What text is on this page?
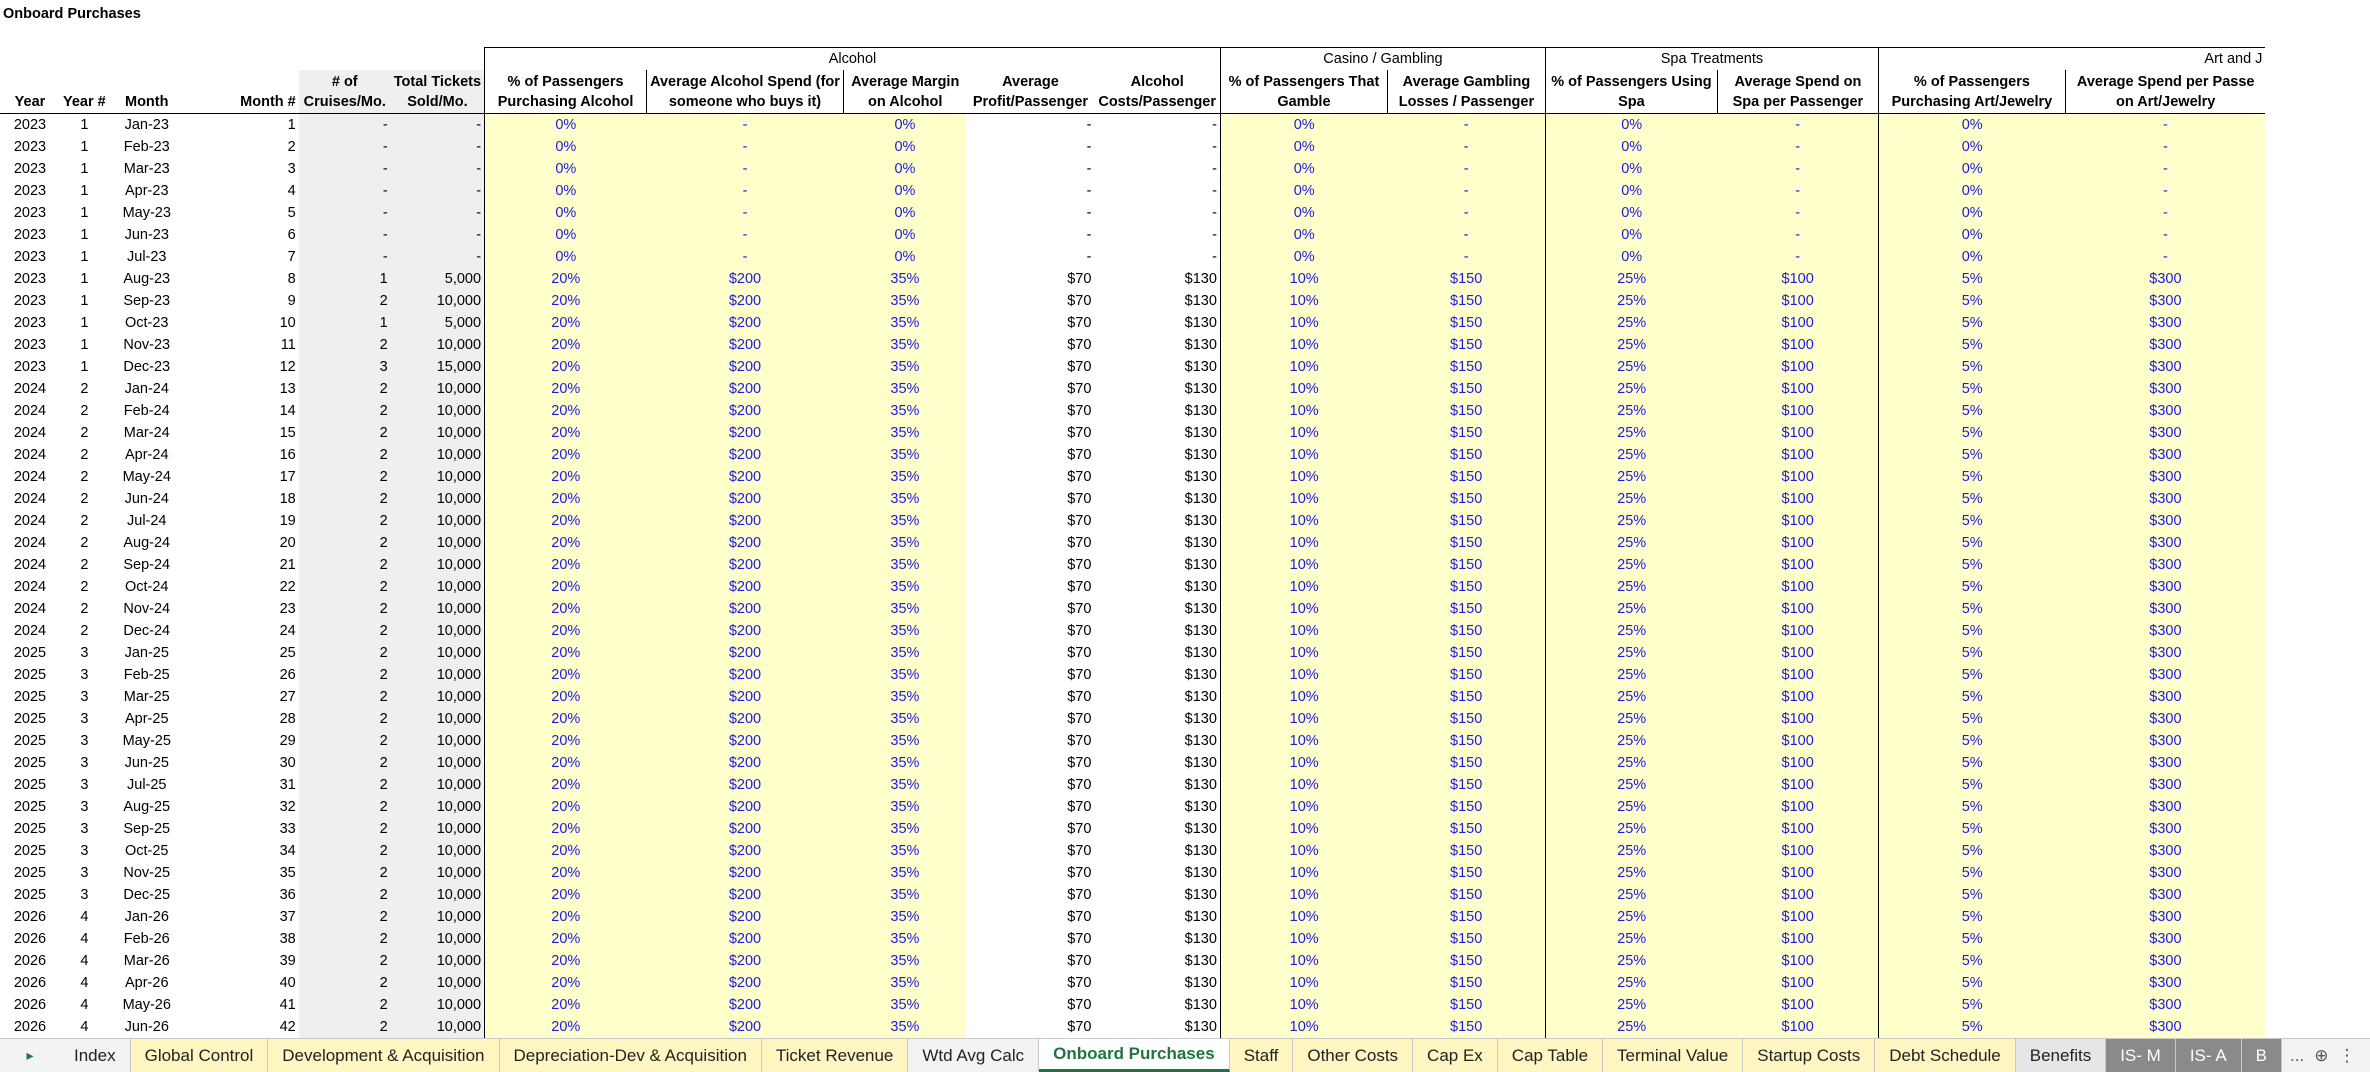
Onboard Purchases																

						Alcohol					Casino / Gambling		Spa Treatments		Art and J	
				# of	Total Tickets	% of Passengers	Average Alcohol Spend (for	Average Margin	Average	Alcohol	% of Passengers That	Average Gambling	% of Passengers Using	Average Spend on	% of Passengers	Average Spend per Passe
Year	Year #	Month	Month #	Cruises/Mo.	Sold/Mo.	Purchasing Alcohol	someone who buys it)	on Alcohol	Profit/Passenger	Costs/Passenger	Gamble	Losses / Passenger	Spa	Spa per Passenger	Purchasing Art/Jewelry	on Art/Jewelry
2023	1	Jan-23	1	-	-	0%	-	0%	-	-	0%	-	0%	-	0%	-
2023	1	Feb-23	2	-	-	0%	-	0%	-	-	0%	-	0%	-	0%	-
2023	1	Mar-23	3	-	-	0%	-	0%	-	-	0%	-	0%	-	0%	-
2023	1	Apr-23	4	-	-	0%	-	0%	-	-	0%	-	0%	-	0%	-
2023	1	May-23	5	-	-	0%	-	0%	-	-	0%	-	0%	-	0%	-
2023	1	Jun-23	6	-	-	0%	-	0%	-	-	0%	-	0%	-	0%	-
2023	1	Jul-23	7	-	-	0%	-	0%	-	-	0%	-	0%	-	0%	-
2023	1	Aug-23	8	1	5,000	20%	$200	35%	$70	$130	10%	$150	25%	$100	5%	$300
2023	1	Sep-23	9	2	10,000	20%	$200	35%	$70	$130	10%	$150	25%	$100	5%	$300
2023	1	Oct-23	10	1	5,000	20%	$200	35%	$70	$130	10%	$150	25%	$100	5%	$300
2023	1	Nov-23	11	2	10,000	20%	$200	35%	$70	$130	10%	$150	25%	$100	5%	$300
2023	1	Dec-23	12	3	15,000	20%	$200	35%	$70	$130	10%	$150	25%	$100	5%	$300
2024	2	Jan-24	13	2	10,000	20%	$200	35%	$70	$130	10%	$150	25%	$100	5%	$300
2024	2	Feb-24	14	2	10,000	20%	$200	35%	$70	$130	10%	$150	25%	$100	5%	$300
2024	2	Mar-24	15	2	10,000	20%	$200	35%	$70	$130	10%	$150	25%	$100	5%	$300
2024	2	Apr-24	16	2	10,000	20%	$200	35%	$70	$130	10%	$150	25%	$100	5%	$300
2024	2	May-24	17	2	10,000	20%	$200	35%	$70	$130	10%	$150	25%	$100	5%	$300
2024	2	Jun-24	18	2	10,000	20%	$200	35%	$70	$130	10%	$150	25%	$100	5%	$300
2024	2	Jul-24	19	2	10,000	20%	$200	35%	$70	$130	10%	$150	25%	$100	5%	$300
2024	2	Aug-24	20	2	10,000	20%	$200	35%	$70	$130	10%	$150	25%	$100	5%	$300
2024	2	Sep-24	21	2	10,000	20%	$200	35%	$70	$130	10%	$150	25%	$100	5%	$300
2024	2	Oct-24	22	2	10,000	20%	$200	35%	$70	$130	10%	$150	25%	$100	5%	$300
2024	2	Nov-24	23	2	10,000	20%	$200	35%	$70	$130	10%	$150	25%	$100	5%	$300
2024	2	Dec-24	24	2	10,000	20%	$200	35%	$70	$130	10%	$150	25%	$100	5%	$300
2025	3	Jan-25	25	2	10,000	20%	$200	35%	$70	$130	10%	$150	25%	$100	5%	$300
2025	3	Feb-25	26	2	10,000	20%	$200	35%	$70	$130	10%	$150	25%	$100	5%	$300
2025	3	Mar-25	27	2	10,000	20%	$200	35%	$70	$130	10%	$150	25%	$100	5%	$300
2025	3	Apr-25	28	2	10,000	20%	$200	35%	$70	$130	10%	$150	25%	$100	5%	$300
2025	3	May-25	29	2	10,000	20%	$200	35%	$70	$130	10%	$150	25%	$100	5%	$300
2025	3	Jun-25	30	2	10,000	20%	$200	35%	$70	$130	10%	$150	25%	$100	5%	$300
2025	3	Jul-25	31	2	10,000	20%	$200	35%	$70	$130	10%	$150	25%	$100	5%	$300
2025	3	Aug-25	32	2	10,000	20%	$200	35%	$70	$130	10%	$150	25%	$100	5%	$300
2025	3	Sep-25	33	2	10,000	20%	$200	35%	$70	$130	10%	$150	25%	$100	5%	$300
2025	3	Oct-25	34	2	10,000	20%	$200	35%	$70	$130	10%	$150	25%	$100	5%	$300
2025	3	Nov-25	35	2	10,000	20%	$200	35%	$70	$130	10%	$150	25%	$100	5%	$300
2025	3	Dec-25	36	2	10,000	20%	$200	35%	$70	$130	10%	$150	25%	$100	5%	$300
2026	4	Jan-26	37	2	10,000	20%	$200	35%	$70	$130	10%	$150	25%	$100	5%	$300
2026	4	Feb-26	38	2	10,000	20%	$200	35%	$70	$130	10%	$150	25%	$100	5%	$300
2026	4	Mar-26	39	2	10,000	20%	$200	35%	$70	$130	10%	$150	25%	$100	5%	$300
2026	4	Apr-26	40	2	10,000	20%	$200	35%	$70	$130	10%	$150	25%	$100	5%	$300
2026	4	May-26	41	2	10,000	20%	$200	35%	$70	$130	10%	$150	25%	$100	5%	$300
2026	4	Jun-26	42	2	10,000	20%	$200	35%	$70	$130	10%	$150	25%	$100	5%	$300
▸	Index	Global Control	Development & Acquisition	Depreciation-Dev & Acquisition	Ticket Revenue	Wtd Avg Calc	Onboard Purchases	Staff	Other Costs	Cap Ex	Cap Table	Terminal Value	Startup Costs	Debt Schedule	Benefits	IS- M	IS- A	B	... ⊕ ⋮
